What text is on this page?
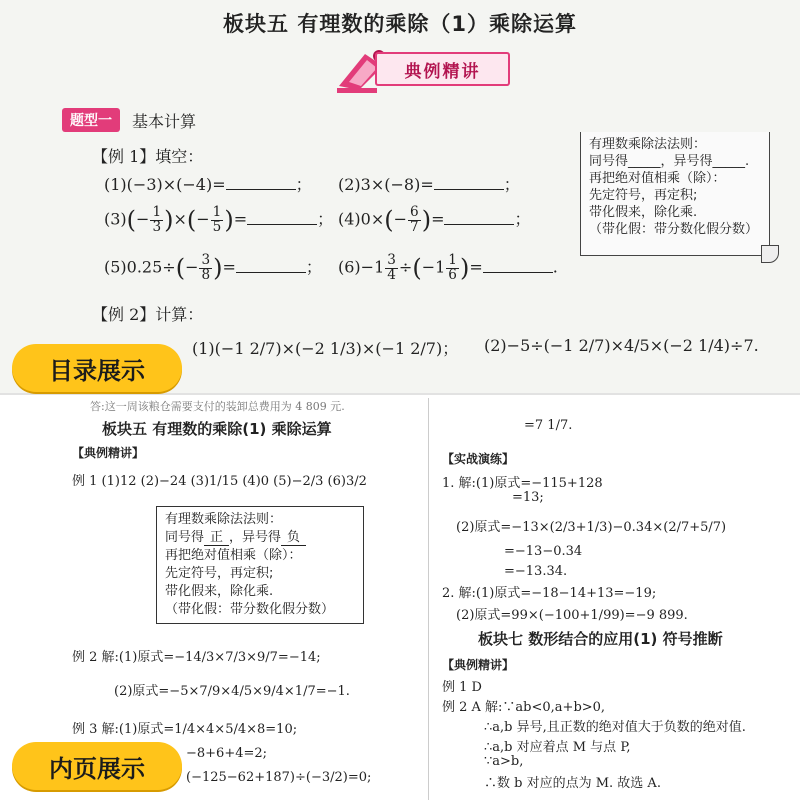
板块五 有理数的乘除（1）乘除运算
典例精讲
题型一	基本计算
【例 1】填空：
(1)(−3)×(−4)=	； (2)3×(−8)=	；
$(3)(- \frac{1}{3}$ )×(− $\frac{1}{5}$ )=	； $(4)0\times(- \frac{6}{7}$ )=	；
$(5)0.25\div(- \frac{3}{8}$ )=	； $(6)-1 \frac{3}{4} \div(-1 \frac{1}{6}$ )=	.
有理数乘除法法则：
同号得_____，异号得_____.
再把绝对值相乘（除）：
先定符号，再定积;
带化假来，除化乘.
（带化假：带分数化假分数）
【例 2】计算：
(1)(−1 2/7)×(−2 1/3)×(−1 2/7)； (2)−5÷(−1 2/7)×4/5×(−2 1/4)÷7.
目录展示
答:这一周该粮仓需要支付的装卸总费用为 4 809 元.
板块五 有理数的乘除(1) 乘除运算
【典例精讲】
例 1 (1)12 (2)−24 (3)1/15 (4)0 (5)−2/3 (6)3/2
有理数乘除法法则：
同号得 正 ，异号得 负
再把绝对值相乘（除）：
先定符号，再定积;
带化假来，除化乘.
（带化假：带分数化假分数）
例 2 解:(1)原式=−14/3×7/3×9/7=−14;
(2)原式=−5×7/9×4/5×9/4×1/7=−1.
例 3 解:(1)原式=1/4×4×5/4×8=10;
−8+6+4=2;
(−125−62+187)÷(−3/2)=0;
=7 1/7.
【实战演练】
1. 解:(1)原式=−115+128
=13;
(2)原式=−13×(2/3+1/3)−0.34×(2/7+5/7)
=−13−0.34
=−13.34.
2. 解:(1)原式=−18−14+13=−19;
(2)原式=99×(−100+1/99)=−9 899.
板块七 数形结合的应用(1) 符号推断
【典例精讲】
例 1 D
例 2 A 解:∵ab<0,a+b>0,
∴a,b 异号,且正数的绝对值大于负数的绝对值.
∴a,b 对应着点 M 与点 P,
∵a>b,
∴数 b 对应的点为 M. 故选 A.
内页展示
